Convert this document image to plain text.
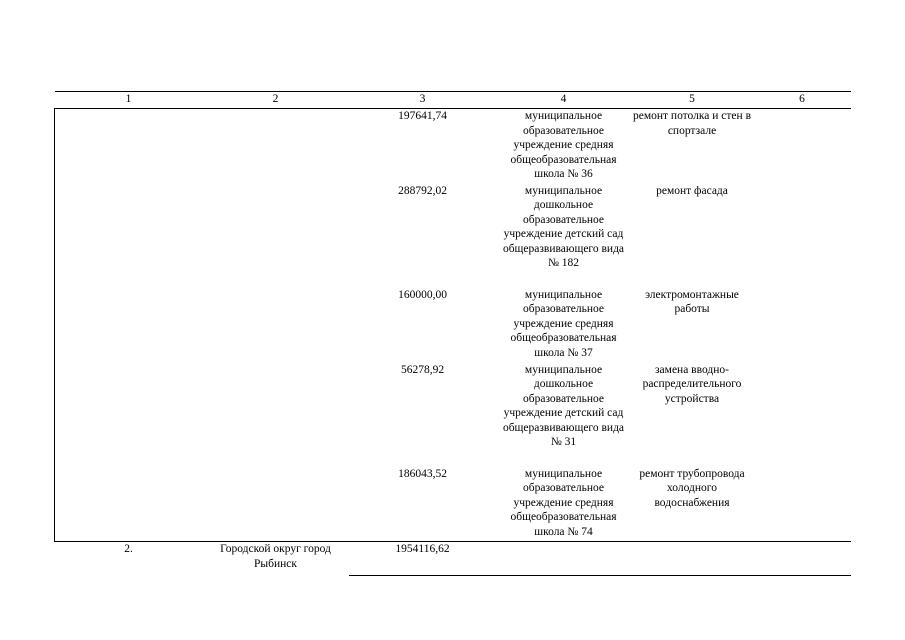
1	2	3	4	5	6
		197641,74	муниципальное образовательное учреждение средняя общеобразовательная школа № 36	ремонт потолка и стен в спортзале	
		288792,02	муниципальное дошкольное образовательное учреждение детский сад общеразвивающего вида № 182	ремонт фасада	
		160000,00	муниципальное образовательное учреждение средняя общеобразовательная школа № 37	электромонтажные работы	
		56278,92	муниципальное дошкольное образовательное учреждение детский сад общеразвивающего вида № 31	замена вводно-распределительного устройства	
		186043,52	муниципальное образовательное учреждение средняя общеобразовательная школа № 74	ремонт трубопровода холодного водоснабжения	
2.	Городской округ город Рыбинск	1954116,62			
